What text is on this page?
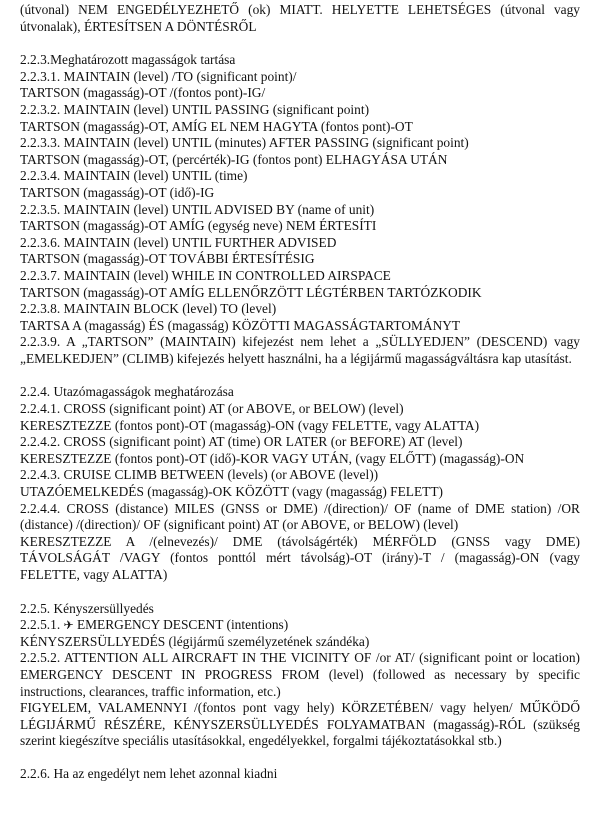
(útvonal) NEM ENGEDÉLYEZHETŐ (ok) MIATT. HELYETTE LEHETSÉGES (útvonal vagy útvonalak), ÉRTESÍTSEN A DÖNTÉSRŐL

2.2.3.Meghatározott magasságok tartása

2.2.3.1. MAINTAIN (level) /TO (significant point)/

TARTSON (magasság)-OT /(fontos pont)-IG/

2.2.3.2. MAINTAIN (level) UNTIL PASSING (significant point)

TARTSON (magasság)-OT, AMÍG EL NEM HAGYTA (fontos pont)-OT

2.2.3.3. MAINTAIN (level) UNTIL (minutes) AFTER PASSING (significant point)

TARTSON (magasság)-OT, (percérték)-IG (fontos pont) ELHAGYÁSA UTÁN

2.2.3.4. MAINTAIN (level) UNTIL (time)

TARTSON (magasság)-OT (idő)-IG

2.2.3.5. MAINTAIN (level) UNTIL ADVISED BY (name of unit)

TARTSON (magasság)-OT AMÍG (egység neve) NEM ÉRTESÍTI

2.2.3.6. MAINTAIN (level) UNTIL FURTHER ADVISED

TARTSON (magasság)-OT TOVÁBBI ÉRTESÍTÉSIG

2.2.3.7. MAINTAIN (level) WHILE IN CONTROLLED AIRSPACE

TARTSON (magasság)-OT AMÍG ELLENŐRZÖTT LÉGTÉRBEN TARTÓZKODIK

2.2.3.8. MAINTAIN BLOCK (level) TO (level)

TARTSA A (magasság) ÉS (magasság) KÖZÖTTI MAGASSÁGTARTOMÁNYT

2.2.3.9. A „TARTSON” (MAINTAIN) kifejezést nem lehet a „SÜLLYEDJEN” (DESCEND) vagy „EMELKEDJEN” (CLIMB) kifejezés helyett használni, ha a légijármű magasságváltásra kap utasítást.

2.2.4. Utazómagasságok meghatározása

2.2.4.1. CROSS (significant point) AT (or ABOVE, or BELOW) (level)

KERESZTEZZE (fontos pont)-OT (magasság)-ON (vagy FELETTE, vagy ALATTA)

2.2.4.2. CROSS (significant point) AT (time) OR LATER (or BEFORE) AT (level)

KERESZTEZZE (fontos pont)-OT (idő)-KOR VAGY UTÁN, (vagy ELŐTT) (magasság)-ON

2.2.4.3. CRUISE CLIMB BETWEEN (levels) (or ABOVE (level))

UTAZÓEMELKEDÉS (magasság)-OK KÖZÖTT (vagy (magasság) FELETT)

2.2.4.4. CROSS (distance) MILES (GNSS or DME) /(direction)/ OF (name of DME station) /OR (distance) /(direction)/ OF (significant point) AT (or ABOVE, or BELOW) (level)

KERESZTEZZE A /(elnevezés)/ DME (távolságérték) MÉRFÖLD (GNSS vagy DME) TÁVOLSÁGÁT /VAGY (fontos ponttól mért távolság)-OT (irány)-T / (magasság)-ON (vagy FELETTE, vagy ALATTA)

2.2.5. Kényszersüllyedés

2.2.5.1. ✈ EMERGENCY DESCENT (intentions)

KÉNYSZERSÜLLYEDÉS (légijármű személyzetének szándéka)

2.2.5.2. ATTENTION ALL AIRCRAFT IN THE VICINITY OF /or AT/ (significant point or location) EMERGENCY DESCENT IN PROGRESS FROM (level) (followed as necessary by specific instructions, clearances, traffic information, etc.)

FIGYELEM, VALAMENNYI /(fontos pont vagy hely) KÖRZETÉBEN/ vagy helyen/ MŰKÖDŐ LÉGIJÁRMŰ RÉSZÉRE, KÉNYSZERSÜLLYEDÉS FOLYAMATBAN (magasság)-RÓL (szükség szerint kiegészítve speciális utasításokkal, engedélyekkel, forgalmi tájékoztatásokkal stb.)

2.2.6. Ha az engedélyt nem lehet azonnal kiadni
